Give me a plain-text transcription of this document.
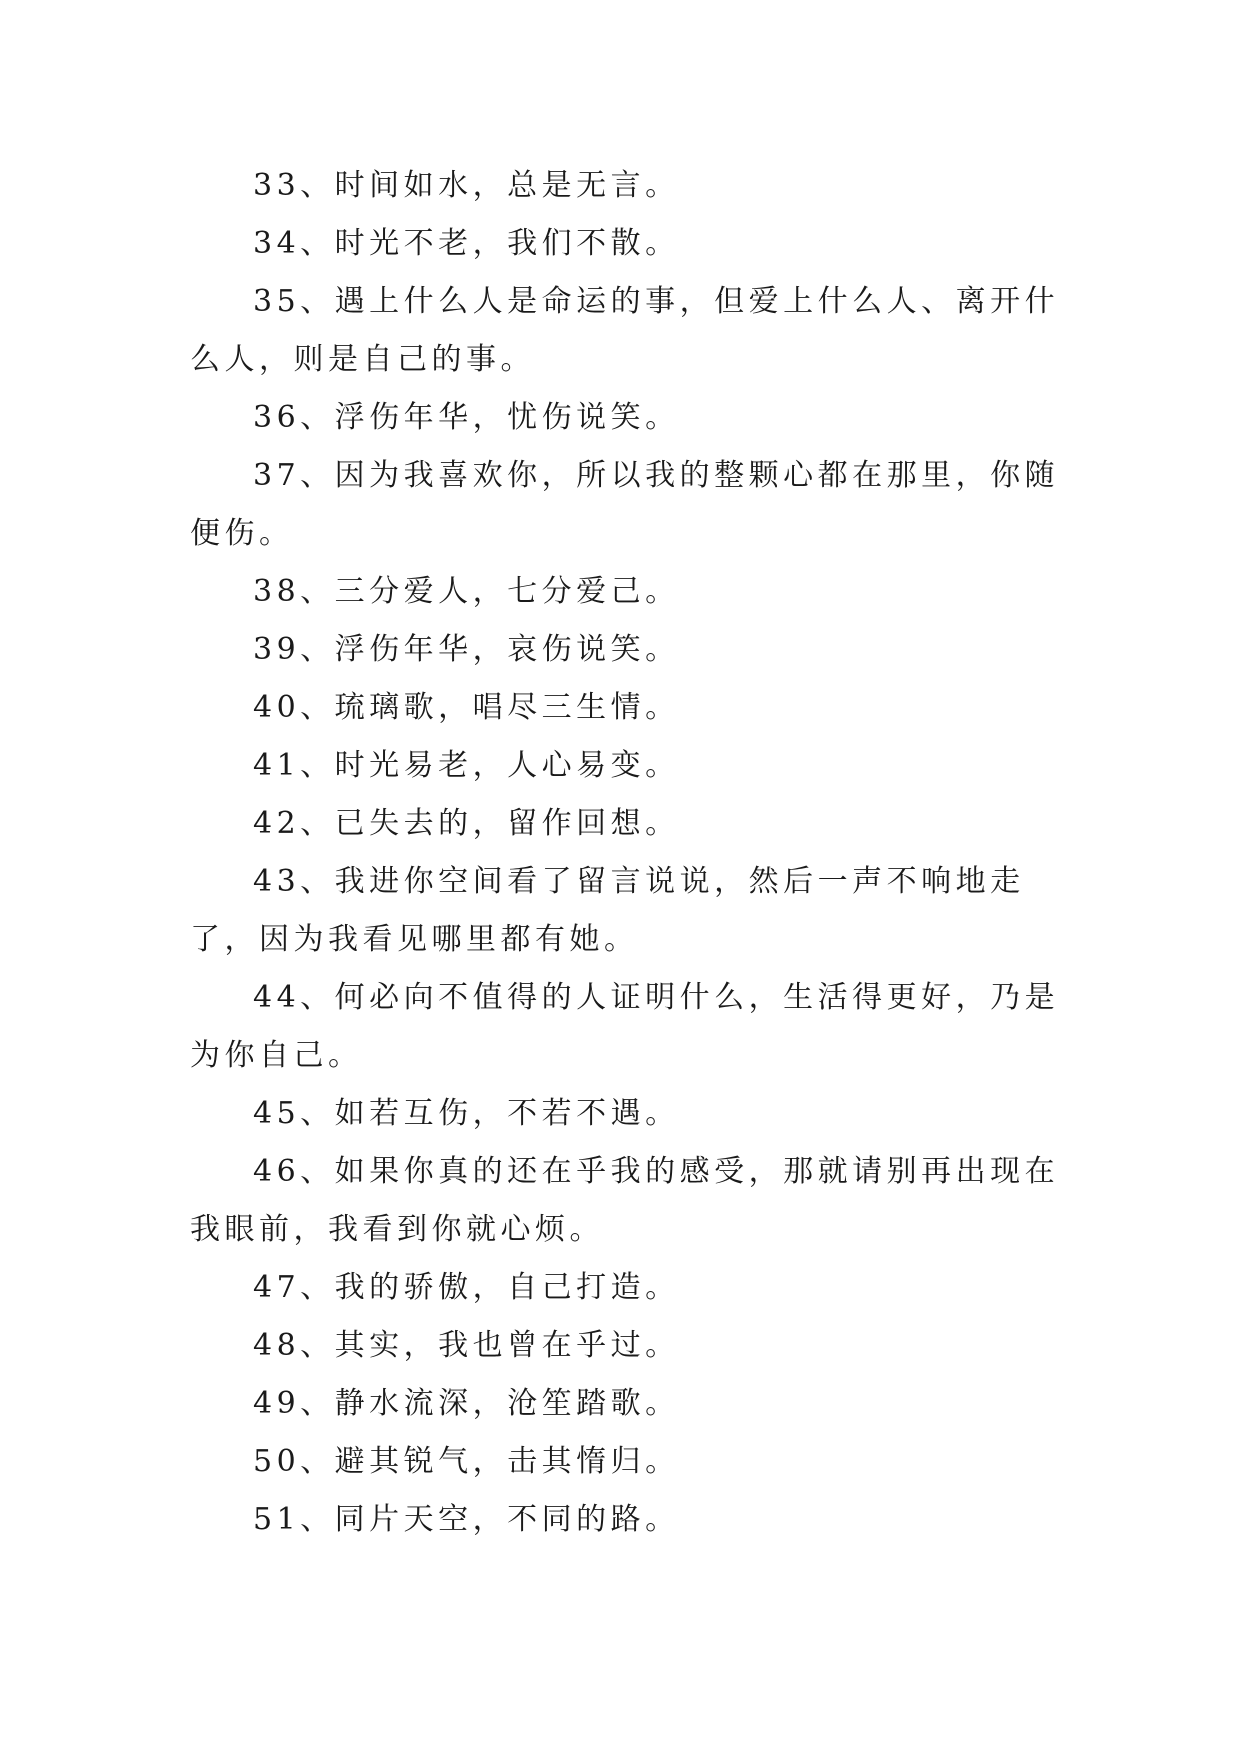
33、时间如水，总是无言。

34、时光不老，我们不散。

35、遇上什么人是命运的事，但爱上什么人、离开什么人，则是自己的事。

36、浮伤年华，忧伤说笑。

37、因为我喜欢你，所以我的整颗心都在那里，你随便伤。

38、三分爱人，七分爱己。

39、浮伤年华，哀伤说笑。

40、琉璃歌，唱尽三生情。

41、时光易老，人心易变。

42、已失去的，留作回想。

43、我进你空间看了留言说说，然后一声不响地走了，因为我看见哪里都有她。

44、何必向不值得的人证明什么，生活得更好，乃是为你自己。

45、如若互伤，不若不遇。

46、如果你真的还在乎我的感受，那就请别再出现在我眼前，我看到你就心烦。

47、我的骄傲，自己打造。

48、其实，我也曾在乎过。

49、静水流深，沧笙踏歌。

50、避其锐气，击其惰归。

51、同片天空，不同的路。
